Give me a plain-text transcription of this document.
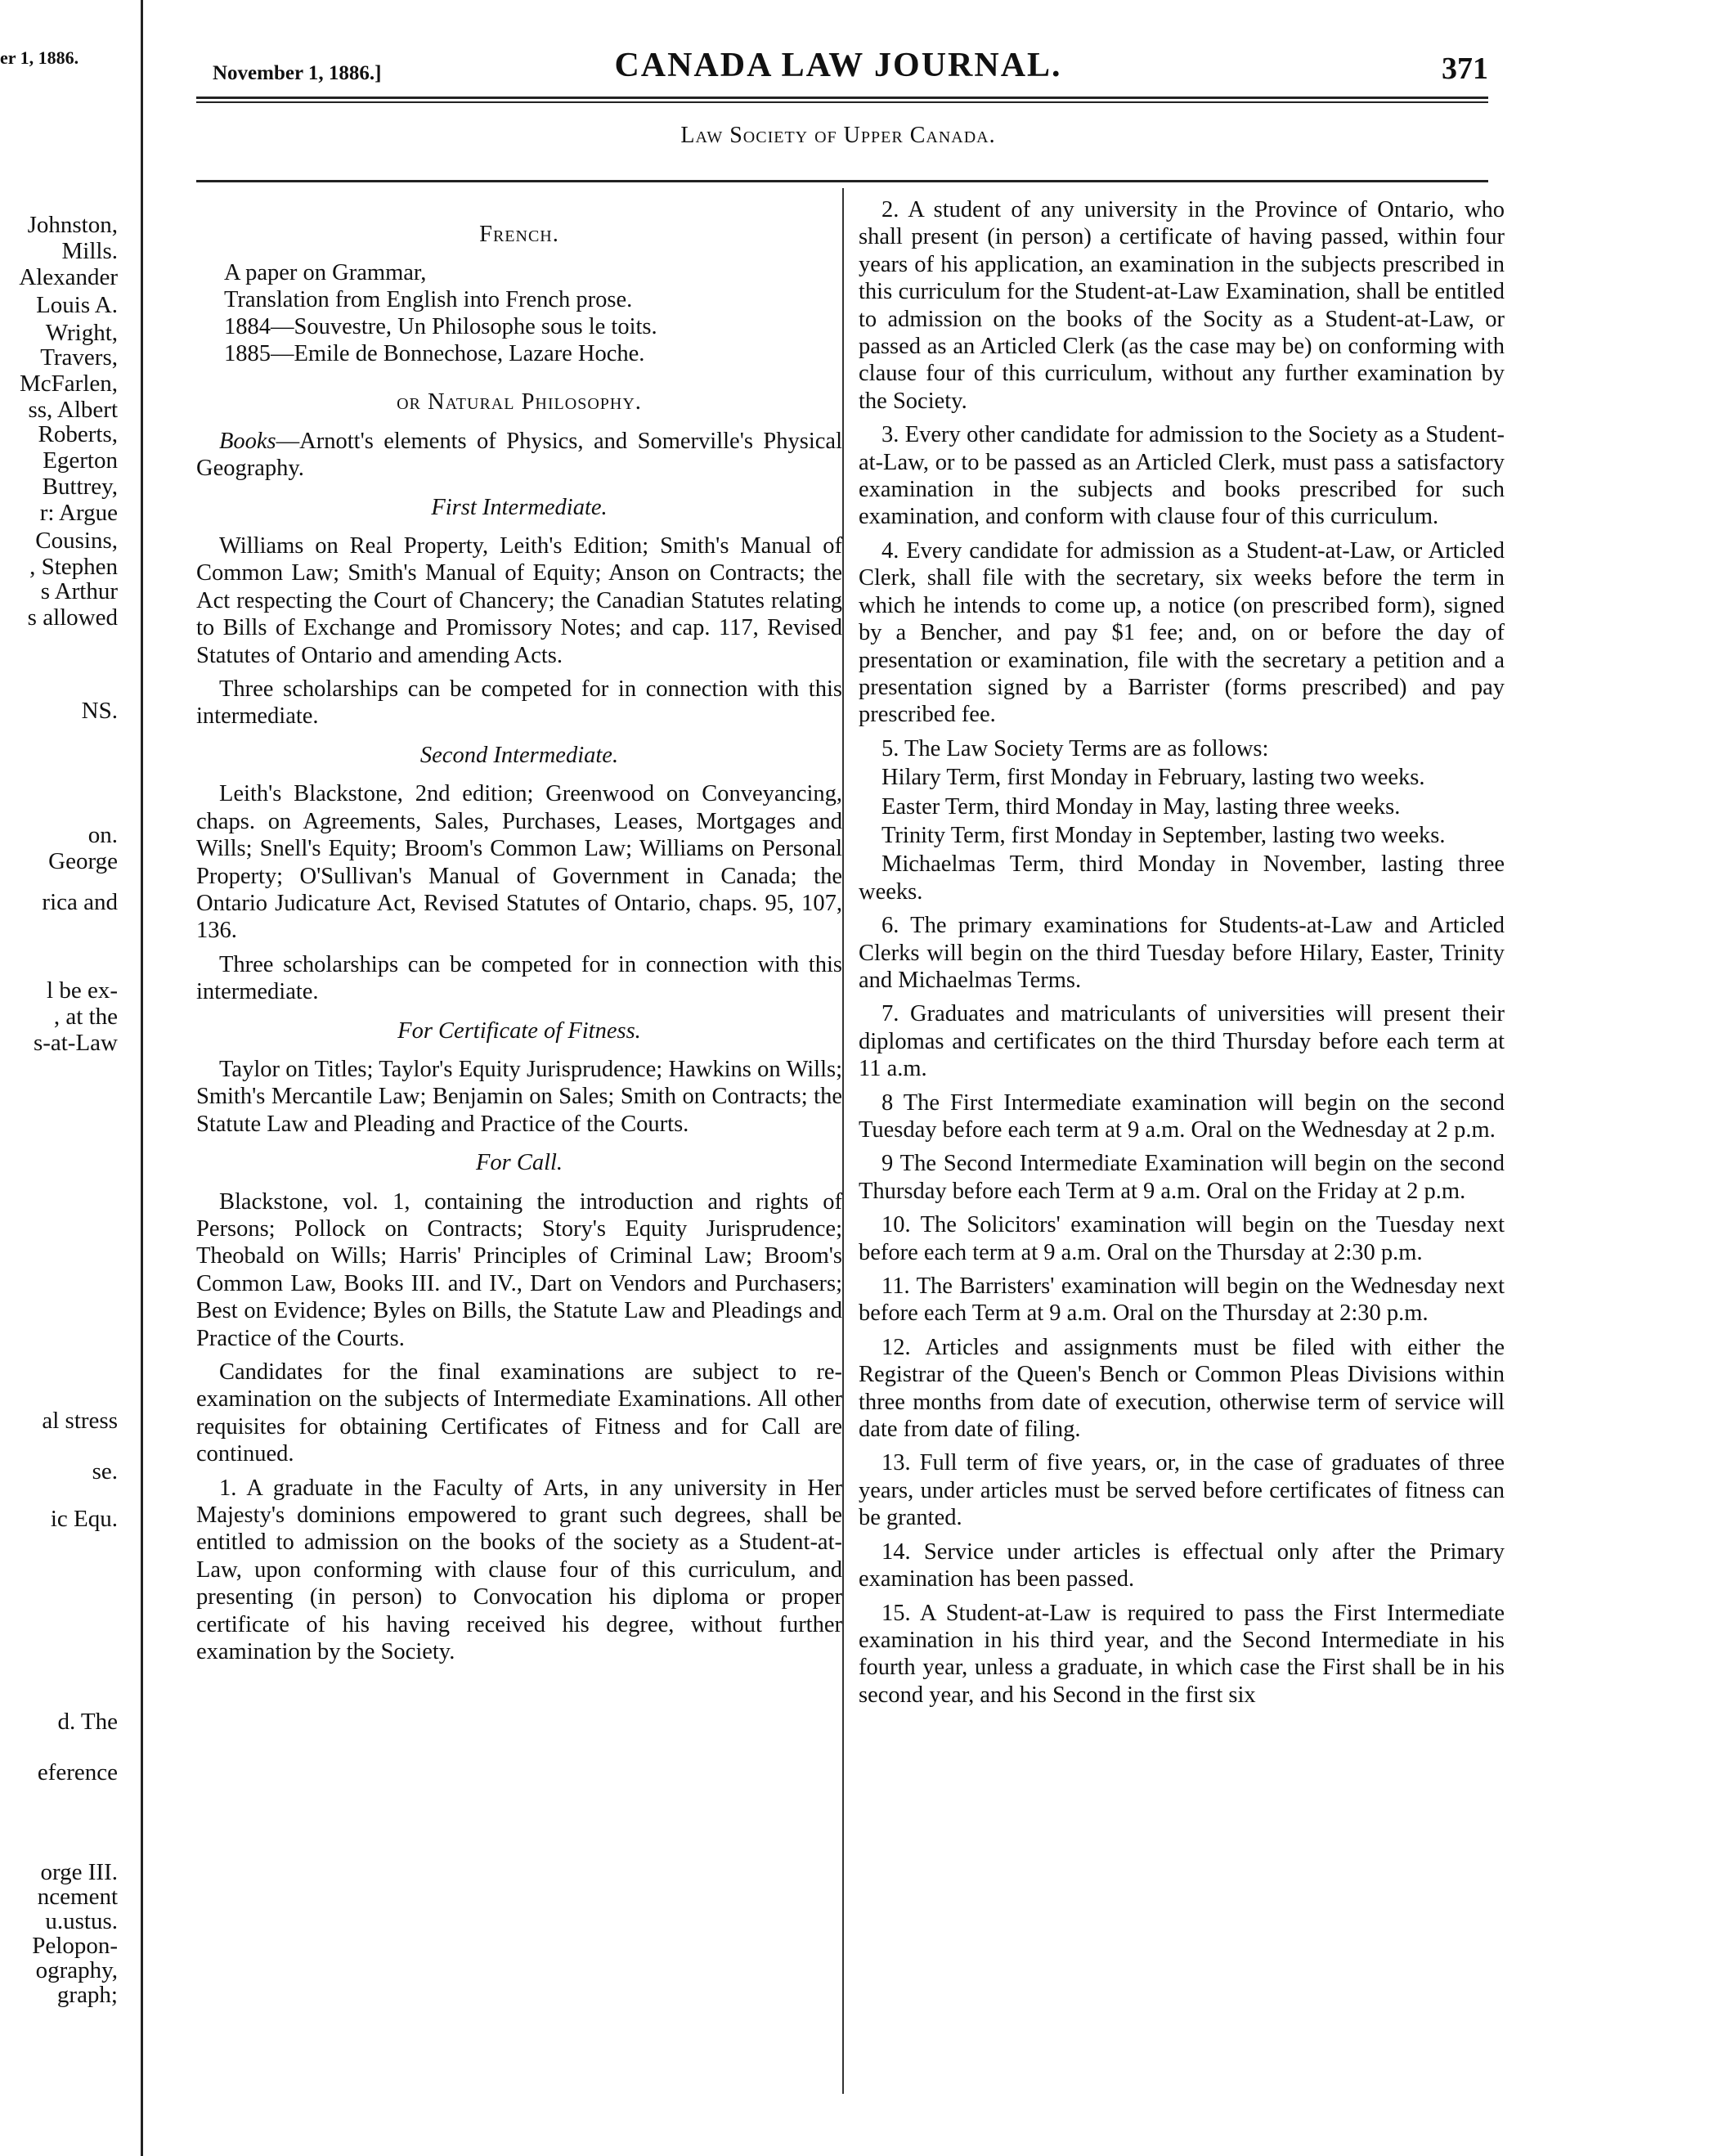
er 1, 1886.
Johnston,
Mills.
Alexander
Louis A.
Wright,
Travers,
McFarlen,
ss, Albert
Roberts,
Egerton
Buttrey,
r: Argue
Cousins,
, Stephen
s Arthur
s allowed
NS.
on.
George
rica and
l be ex-
, at the
s-at-Law
al stress
se.
ic Equ.
d. The
eference
orge III.
ncement
u.ustus.
Pelopon-
ography,
graph;
November 1, 1886.]	CANADA LAW JOURNAL.	371
Law Society of Upper Canada.
French.
A paper on Grammar,
Translation from English into French prose.
1884—Souvestre, Un Philosophe sous le toits.
1885—Emile de Bonnechose, Lazare Hoche.
or Natural Philosophy.

Books—Arnott's elements of Physics, and Somerville's Physical Geography.

First Intermediate.

Williams on Real Property, Leith's Edition; Smith's Manual of Common Law; Smith's Manual of Equity; Anson on Contracts; the Act respecting the Court of Chancery; the Canadian Statutes relating to Bills of Exchange and Promissory Notes; and cap. 117, Revised Statutes of Ontario and amending Acts.

Three scholarships can be competed for in connection with this intermediate.

Second Intermediate.

Leith's Blackstone, 2nd edition; Greenwood on Conveyancing, chaps. on Agreements, Sales, Purchases, Leases, Mortgages and Wills; Snell's Equity; Broom's Common Law; Williams on Personal Property; O'Sullivan's Manual of Government in Canada; the Ontario Judicature Act, Revised Statutes of Ontario, chaps. 95, 107, 136.

Three scholarships can be competed for in connection with this intermediate.

For Certificate of Fitness.

Taylor on Titles; Taylor's Equity Jurisprudence; Hawkins on Wills; Smith's Mercantile Law; Benjamin on Sales; Smith on Contracts; the Statute Law and Pleading and Practice of the Courts.

For Call.

Blackstone, vol. 1, containing the introduction and rights of Persons; Pollock on Contracts; Story's Equity Jurisprudence; Theobald on Wills; Harris' Principles of Criminal Law; Broom's Common Law, Books III. and IV., Dart on Vendors and Purchasers; Best on Evidence; Byles on Bills, the Statute Law and Pleadings and Practice of the Courts.

Candidates for the final examinations are subject to re-examination on the subjects of Intermediate Examinations. All other requisites for obtaining Certificates of Fitness and for Call are continued.

1. A graduate in the Faculty of Arts, in any university in Her Majesty's dominions empowered to grant such degrees, shall be entitled to admission on the books of the society as a Student-at-Law, upon conforming with clause four of this curriculum, and presenting (in person) to Convocation his diploma or proper certificate of his having received his degree, without further examination by the Society.

2. A student of any university in the Province of Ontario, who shall present (in person) a certificate of having passed, within four years of his application, an examination in the subjects prescribed in this curriculum for the Student-at-Law Examination, shall be entitled to admission on the books of the Socity as a Student-at-Law, or passed as an Articled Clerk (as the case may be) on conforming with clause four of this curriculum, without any further examination by the Society.

3. Every other candidate for admission to the Society as a Student-at-Law, or to be passed as an Articled Clerk, must pass a satisfactory examination in the subjects and books prescribed for such examination, and conform with clause four of this curriculum.

4. Every candidate for admission as a Student-at-Law, or Articled Clerk, shall file with the secretary, six weeks before the term in which he intends to come up, a notice (on prescribed form), signed by a Bencher, and pay $1 fee; and, on or before the day of presentation or examination, file with the secretary a petition and a presentation signed by a Barrister (forms prescribed) and pay prescribed fee.

5. The Law Society Terms are as follows:

Hilary Term, first Monday in February, lasting two weeks.

Easter Term, third Monday in May, lasting three weeks.

Trinity Term, first Monday in September, lasting two weeks.

Michaelmas Term, third Monday in November, lasting three weeks.

6. The primary examinations for Students-at-Law and Articled Clerks will begin on the third Tuesday before Hilary, Easter, Trinity and Michaelmas Terms.

7. Graduates and matriculants of universities will present their diplomas and certificates on the third Thursday before each term at 11 a.m.

8 The First Intermediate examination will begin on the second Tuesday before each term at 9 a.m. Oral on the Wednesday at 2 p.m.

9 The Second Intermediate Examination will begin on the second Thursday before each Term at 9 a.m. Oral on the Friday at 2 p.m.

10. The Solicitors' examination will begin on the Tuesday next before each term at 9 a.m. Oral on the Thursday at 2:30 p.m.

11. The Barristers' examination will begin on the Wednesday next before each Term at 9 a.m. Oral on the Thursday at 2:30 p.m.

12. Articles and assignments must be filed with either the Registrar of the Queen's Bench or Common Pleas Divisions within three months from date of execution, otherwise term of service will date from date of filing.

13. Full term of five years, or, in the case of graduates of three years, under articles must be served before certificates of fitness can be granted.

14. Service under articles is effectual only after the Primary examination has been passed.

15. A Student-at-Law is required to pass the First Intermediate examination in his third year, and the Second Intermediate in his fourth year, unless a graduate, in which case the First shall be in his second year, and his Second in the first six
